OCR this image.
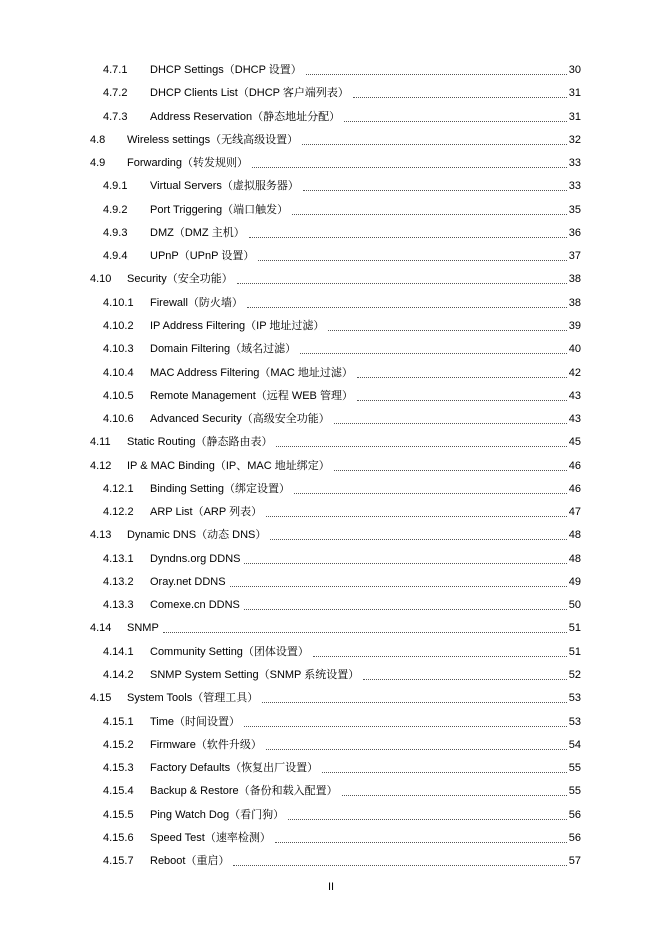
4.7.1 DHCP Settings（DHCP 设置）	30
4.7.2 DHCP Clients List（DHCP 客户端列表）	31
4.7.3 Address Reservation（静态地址分配）	31
4.8 Wireless settings（无线高级设置）	32
4.9 Forwarding（转发规则）	33
4.9.1 Virtual Servers（虚拟服务器）	33
4.9.2 Port Triggering（端口触发）	35
4.9.3 DMZ（DMZ 主机）	36
4.9.4 UPnP（UPnP 设置）	37
4.10 Security（安全功能）	38
4.10.1 Firewall（防火墙）	38
4.10.2 IP Address Filtering（IP 地址过滤）	39
4.10.3 Domain Filtering（域名过滤）	40
4.10.4 MAC Address Filtering（MAC 地址过滤）	42
4.10.5 Remote Management（远程 WEB 管理）	43
4.10.6 Advanced Security（高级安全功能）	43
4.11 Static Routing（静态路由表）	45
4.12 IP & MAC Binding（IP、MAC 地址绑定）	46
4.12.1 Binding Setting（绑定设置）	46
4.12.2 ARP List（ARP 列表）	47
4.13 Dynamic DNS（动态 DNS）	48
4.13.1 Dyndns.org DDNS	48
4.13.2 Oray.net DDNS	49
4.13.3 Comexe.cn DDNS	50
4.14 SNMP	51
4.14.1 Community Setting（团体设置）	51
4.14.2 SNMP System Setting（SNMP 系统设置）	52
4.15 System Tools（管理工具）	53
4.15.1 Time（时间设置）	53
4.15.2 Firmware（软件升级）	54
4.15.3 Factory Defaults（恢复出厂设置）	55
4.15.4 Backup & Restore（备份和载入配置）	55
4.15.5 Ping Watch Dog（看门狗）	56
4.15.6 Speed Test（速率检测）	56
4.15.7 Reboot（重启）	57
II
